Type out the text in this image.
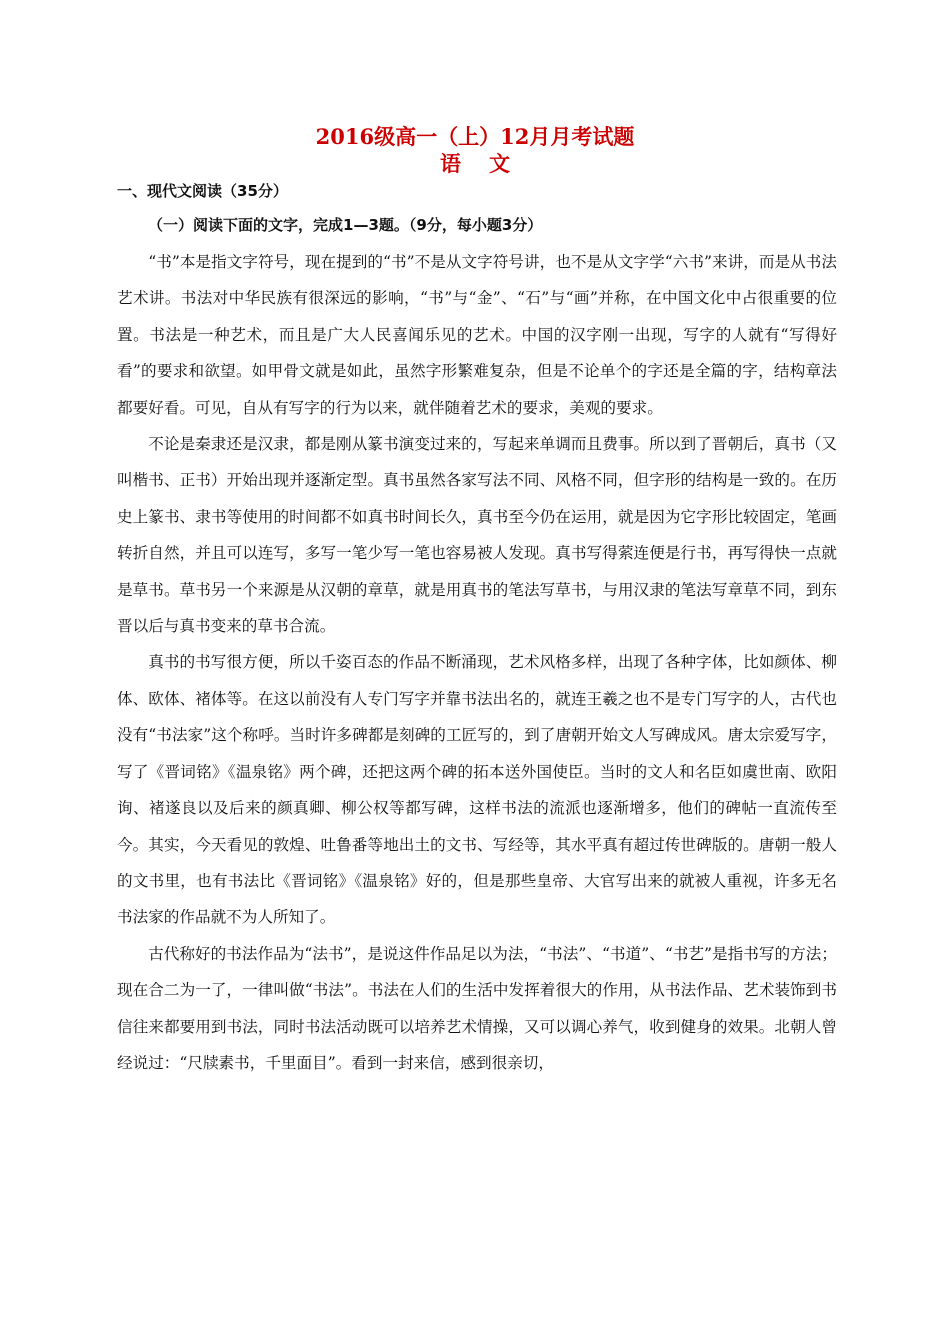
2016级高一（上）12月月考试题
语 文
一、现代文阅读（35分）
（一）阅读下面的文字，完成1—3题。（9分，每小题3分）

“书”本是指文字符号，现在提到的“书”不是从文字符号讲，也不是从文字学“六书”来讲，而是从书法艺术讲。书法对中华民族有很深远的影响，“书”与“金”、“石”与“画”并称，在中国文化中占很重要的位置。书法是一种艺术，而且是广大人民喜闻乐见的艺术。中国的汉字刚一出现，写字的人就有“写得好看”的要求和欲望。如甲骨文就是如此，虽然字形繁难复杂，但是不论单个的字还是全篇的字，结构章法都要好看。可见，自从有写字的行为以来，就伴随着艺术的要求，美观的要求。

不论是秦隶还是汉隶，都是刚从篆书演变过来的，写起来单调而且费事。所以到了晋朝后，真书（又叫楷书、正书）开始出现并逐渐定型。真书虽然各家写法不同、风格不同，但字形的结构是一致的。在历史上篆书、隶书等使用的时间都不如真书时间长久，真书至今仍在运用，就是因为它字形比较固定，笔画转折自然，并且可以连写，多写一笔少写一笔也容易被人发现。真书写得萦连便是行书，再写得快一点就是草书。草书另一个来源是从汉朝的章草，就是用真书的笔法写草书，与用汉隶的笔法写章草不同，到东晋以后与真书变来的草书合流。

真书的书写很方便，所以千姿百态的作品不断涌现，艺术风格多样，出现了各种字体，比如颜体、柳体、欧体、褚体等。在这以前没有人专门写字并靠书法出名的，就连王羲之也不是专门写字的人，古代也没有“书法家”这个称呼。当时许多碑都是刻碑的工匠写的，到了唐朝开始文人写碑成风。唐太宗爱写字，写了《晋词铭》《温泉铭》两个碑，还把这两个碑的拓本送外国使臣。当时的文人和名臣如虞世南、欧阳询、褚遂良以及后来的颜真卿、柳公权等都写碑，这样书法的流派也逐渐增多，他们的碑帖一直流传至今。其实，今天看见的敦煌、吐鲁番等地出土的文书、写经等，其水平真有超过传世碑版的。唐朝一般人的文书里，也有书法比《晋词铭》《温泉铭》好的，但是那些皇帝、大官写出来的就被人重视，许多无名书法家的作品就不为人所知了。

古代称好的书法作品为“法书”，是说这件作品足以为法，“书法”、“书道”、“书艺”是指书写的方法；现在合二为一了，一律叫做“书法”。书法在人们的生活中发挥着很大的作用，从书法作品、艺术装饰到书信往来都要用到书法，同时书法活动既可以培养艺术情操，又可以调心养气，收到健身的效果。北朝人曾经说过：“尺牍素书，千里面目”。看到一封来信，感到很亲切，
